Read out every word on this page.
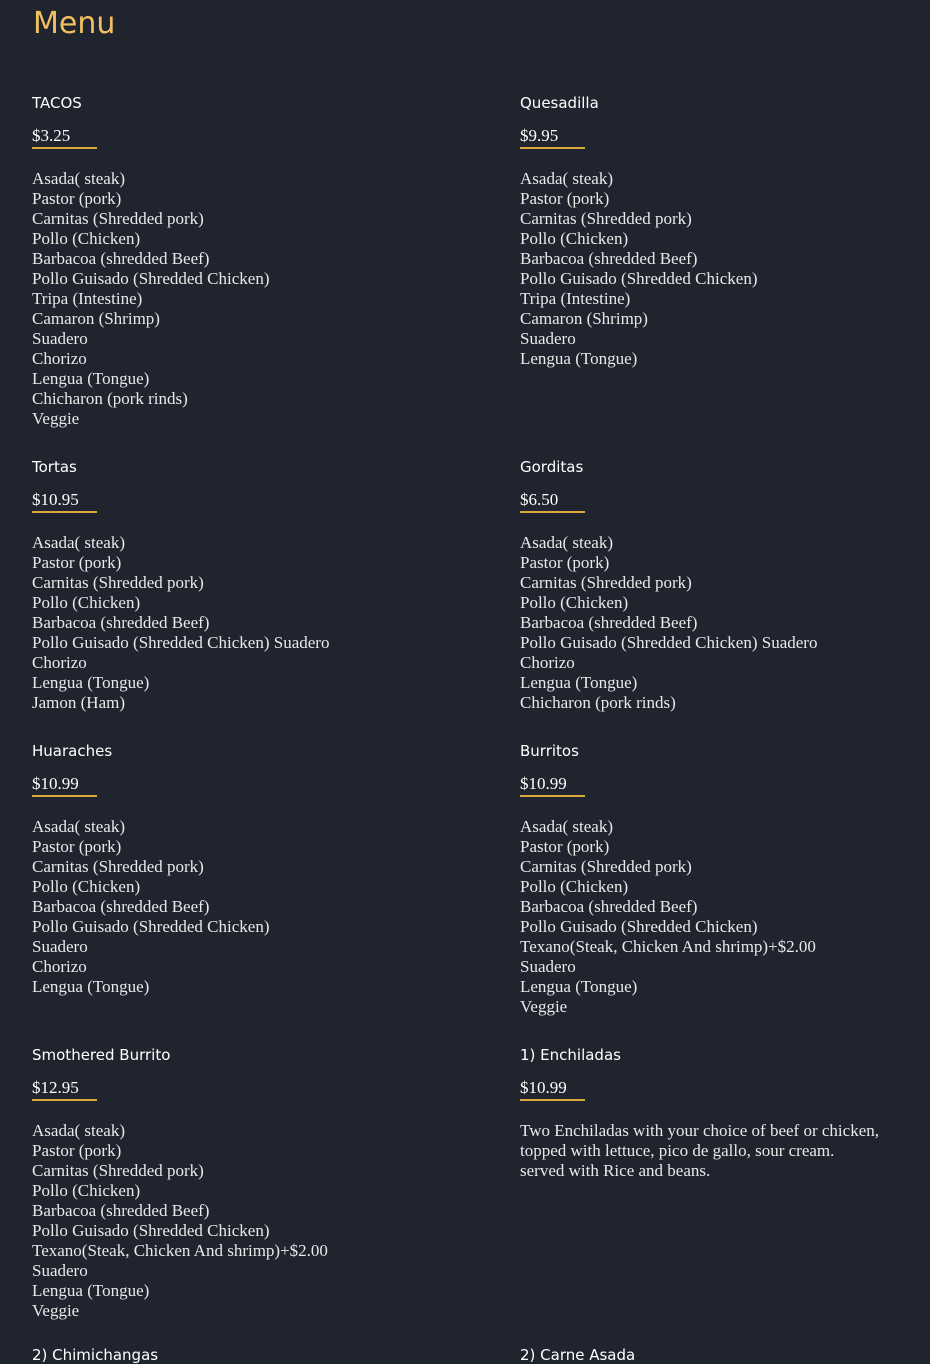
Menu
TACOS
$3.25

Asada( steak)
Pastor (pork)
Carnitas (Shredded pork)
Pollo (Chicken)
Barbacoa (shredded Beef)
Pollo Guisado (Shredded Chicken)
Tripa (Intestine)
Camaron (Shrimp)
Suadero
Chorizo
Lengua (Tongue)
Chicharon (pork rinds)
Veggie

Quesadilla
$9.95

Asada( steak)
Pastor (pork)
Carnitas (Shredded pork)
Pollo (Chicken)
Barbacoa (shredded Beef)
Pollo Guisado (Shredded Chicken)
Tripa (Intestine)
Camaron (Shrimp)
Suadero
Lengua (Tongue)

Tortas
$10.95

Asada( steak)
Pastor (pork)
Carnitas (Shredded pork)
Pollo (Chicken)
Barbacoa (shredded Beef)
Pollo Guisado (Shredded Chicken) Suadero
Chorizo
Lengua (Tongue)
Jamon (Ham)

Gorditas
$6.50

Asada( steak)
Pastor (pork)
Carnitas (Shredded pork)
Pollo (Chicken)
Barbacoa (shredded Beef)
Pollo Guisado (Shredded Chicken) Suadero
Chorizo
Lengua (Tongue)
Chicharon (pork rinds)

Huaraches
$10.99

Asada( steak)
Pastor (pork)
Carnitas (Shredded pork)
Pollo (Chicken)
Barbacoa (shredded Beef)
Pollo Guisado (Shredded Chicken)
Suadero
Chorizo
Lengua (Tongue)

Burritos
$10.99

Asada( steak)
Pastor (pork)
Carnitas (Shredded pork)
Pollo (Chicken)
Barbacoa (shredded Beef)
Pollo Guisado (Shredded Chicken)
Texano(Steak, Chicken And shrimp)+$2.00
Suadero
Lengua (Tongue)
Veggie

Smothered Burrito
$12.95

Asada( steak)
Pastor (pork)
Carnitas (Shredded pork)
Pollo (Chicken)
Barbacoa (shredded Beef)
Pollo Guisado (Shredded Chicken)
Texano(Steak, Chicken And shrimp)+$2.00
Suadero
Lengua (Tongue)
Veggie

1) Enchiladas
$10.99

Two Enchiladas with your choice of beef or chicken,
topped with lettuce, pico de gallo, sour cream.
served with Rice and beans.

2) Chimichangas	2) Carne Asada
